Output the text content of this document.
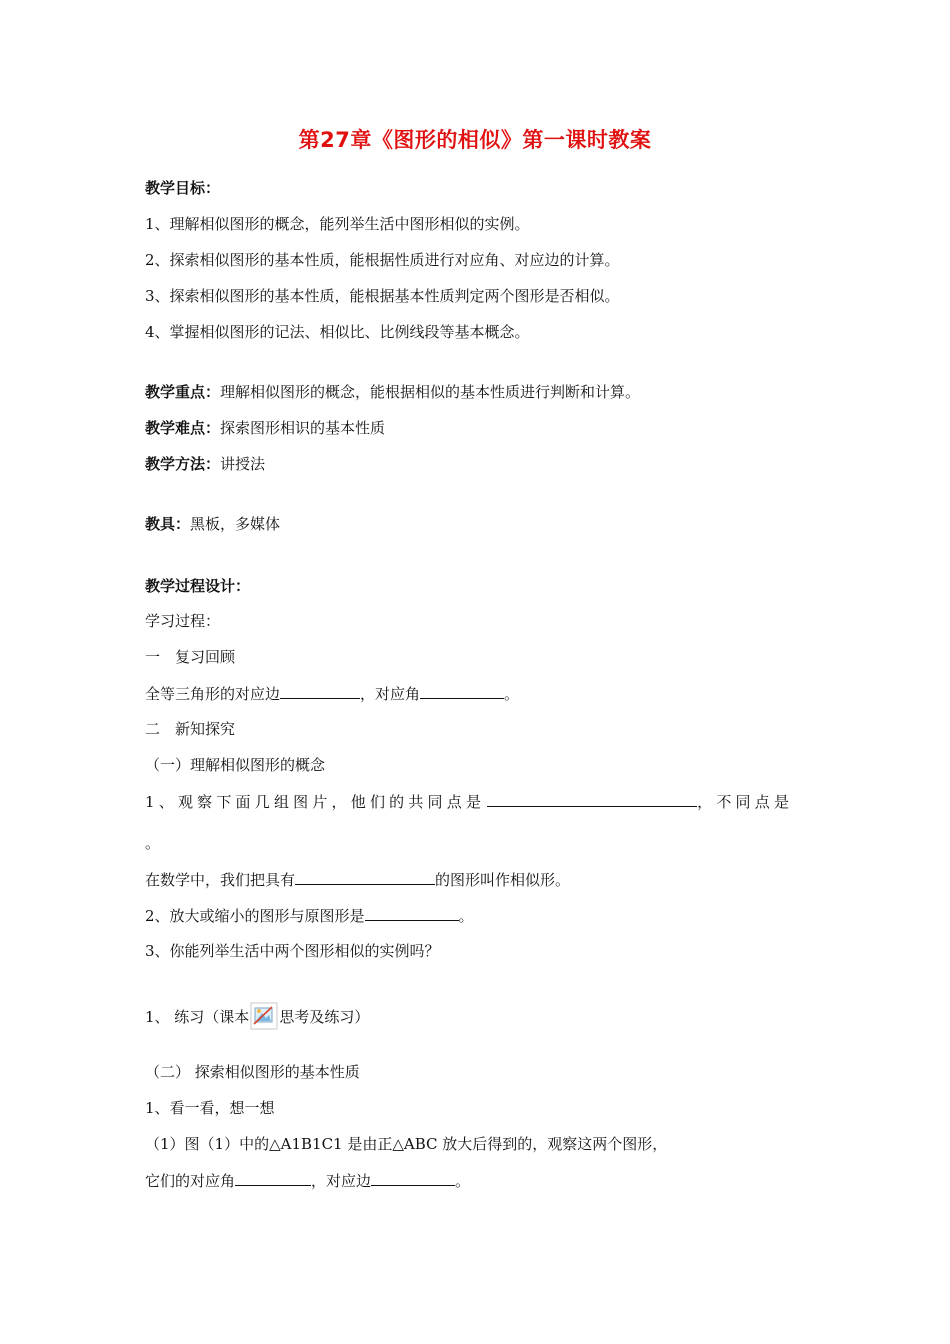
第27章《图形的相似》第一课时教案
教学目标：
1、理解相似图形的概念，能列举生活中图形相似的实例。
2、探索相似图形的基本性质，能根据性质进行对应角、对应边的计算。
3、探索相似图形的基本性质，能根据基本性质判定两个图形是否相似。
4、掌握相似图形的记法、相似比、比例线段等基本概念。
教学重点：理解相似图形的概念，能根据相似的基本性质进行判断和计算。
教学难点：探索图形相识的基本性质
教学方法：讲授法
教具：黑板，多媒体
教学过程设计：
学习过程：
一　复习回顾
全等三角形的对应边	，对应角	。
二　新知探究
（一）理解相似图形的概念
1、观察下面几组图片，他们的共同点是	，不同点是
。
在数学中，我们把具有	的图形叫作相似形。
2、放大或缩小的图形与原图形是	。
3、你能列举生活中两个图形相似的实例吗？
1、 练习（课本 思考及练习）
（二） 探索相似图形的基本性质
1、看一看，想一想
（1）图（1）中的△A1B1C1 是由正△ABC 放大后得到的，观察这两个图形，
它们的对应角	，对应边	。
